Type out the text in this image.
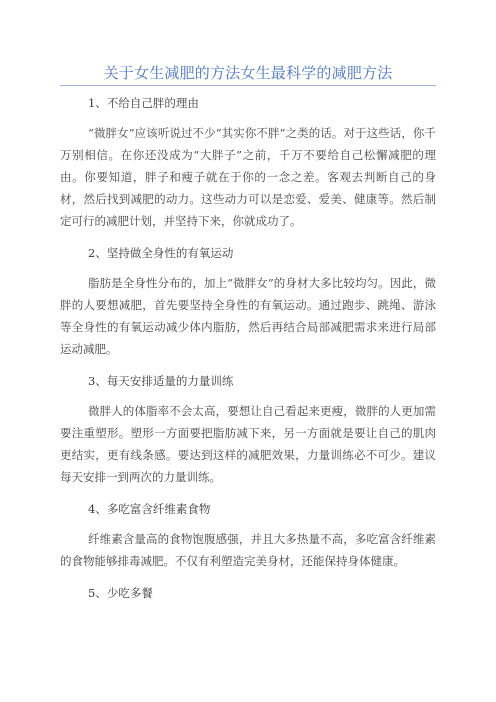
关于女生减肥的方法女生最科学的减肥方法

1、不给自己胖的理由

“微胖女”应该听说过不少“其实你不胖”之类的话。对于这些话，你千万别相信。在你还没成为“大胖子”之前，千万不要给自己松懈减肥的理由。你要知道，胖子和瘦子就在于你的一念之差。客观去判断自己的身材，然后找到减肥的动力。这些动力可以是恋爱、爱美、健康等。然后制定可行的减肥计划，并坚持下来，你就成功了。

2、坚持做全身性的有氧运动

脂肪是全身性分布的，加上“微胖女”的身材大多比较均匀。因此，微胖的人要想减肥，首先要坚持全身性的有氧运动。通过跑步、跳绳、游泳等全身性的有氧运动减少体内脂肪，然后再结合局部减肥需求来进行局部运动减肥。

3、每天安排适量的力量训练

微胖人的体脂率不会太高，要想让自己看起来更瘦，微胖的人更加需要注重塑形。塑形一方面要把脂肪减下来，另一方面就是要让自己的肌肉更结实，更有线条感。要达到这样的减肥效果，力量训练必不可少。建议每天安排一到两次的力量训练。

4、多吃富含纤维素食物

纤维素含量高的食物饱腹感强，并且大多热量不高，多吃富含纤维素的食物能够排毒减肥。不仅有利塑造完美身材，还能保持身体健康。

5、少吃多餐
